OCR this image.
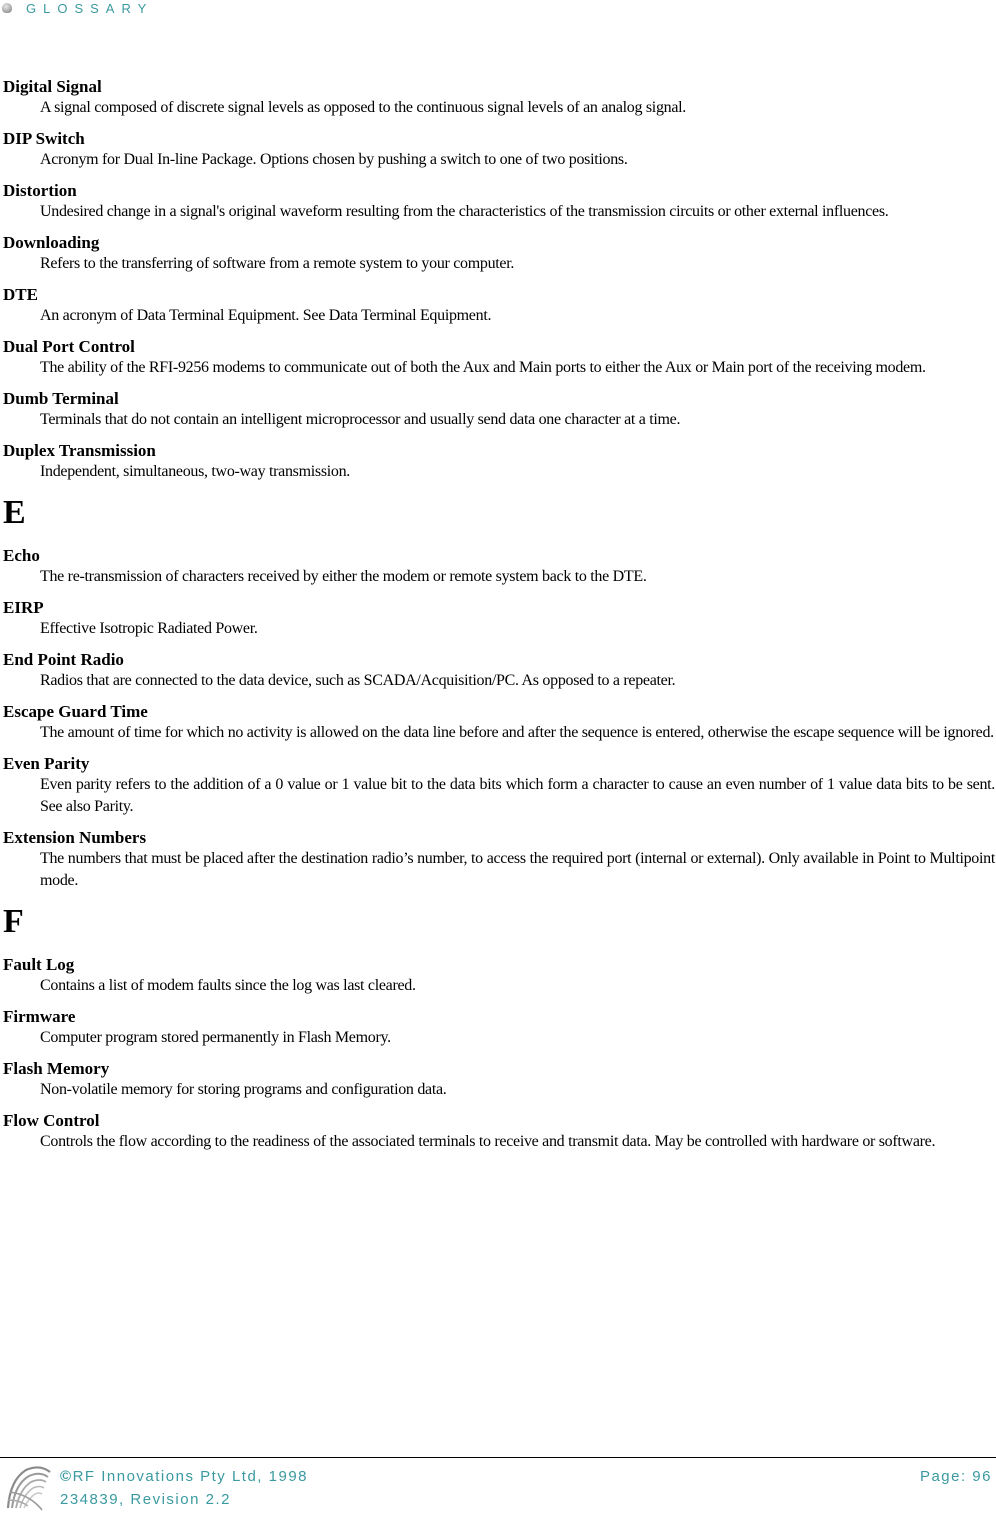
GLOSSARY
Digital Signal
A signal composed of discrete signal levels as opposed to the continuous signal levels of an analog signal.
DIP Switch
Acronym for Dual In-line Package. Options chosen by pushing a switch to one of two positions.
Distortion
Undesired change in a signal's original waveform resulting from the characteristics of the transmission circuits or other external influences.
Downloading
Refers to the transferring of software from a remote system to your computer.
DTE
An acronym of Data Terminal Equipment. See Data Terminal Equipment.
Dual Port Control
The ability of the RFI-9256 modems to communicate out of both the Aux and Main ports to either the Aux or Main port of the receiving modem.
Dumb Terminal
Terminals that do not contain an intelligent microprocessor and usually send data one character at a time.
Duplex Transmission
Independent, simultaneous, two-way transmission.
E
Echo
The re-transmission of characters received by either the modem or remote system back to the DTE.
EIRP
Effective Isotropic Radiated Power.
End Point Radio
Radios that are connected to the data device, such as SCADA/Acquisition/PC. As opposed to a repeater.
Escape Guard Time
The amount of time for which no activity is allowed on the data line before and after the sequence is entered, otherwise the escape sequence will be ignored.
Even Parity
Even parity refers to the addition of a 0 value or 1 value bit to the data bits which form a character to cause an even number of 1 value data bits to be sent. See also Parity.
Extension Numbers
The numbers that must be placed after the destination radio’s number, to access the required port (internal or external). Only available in Point to Multipoint mode.
F
Fault Log
Contains a list of modem faults since the log was last cleared.
Firmware
Computer program stored permanently in Flash Memory.
Flash Memory
Non-volatile memory for storing programs and configuration data.
Flow Control
Controls the flow according to the readiness of the associated terminals to receive and transmit data. May be controlled with hardware or software.
©RF Innovations Pty Ltd, 1998
234839, Revision 2.2
Page: 96
